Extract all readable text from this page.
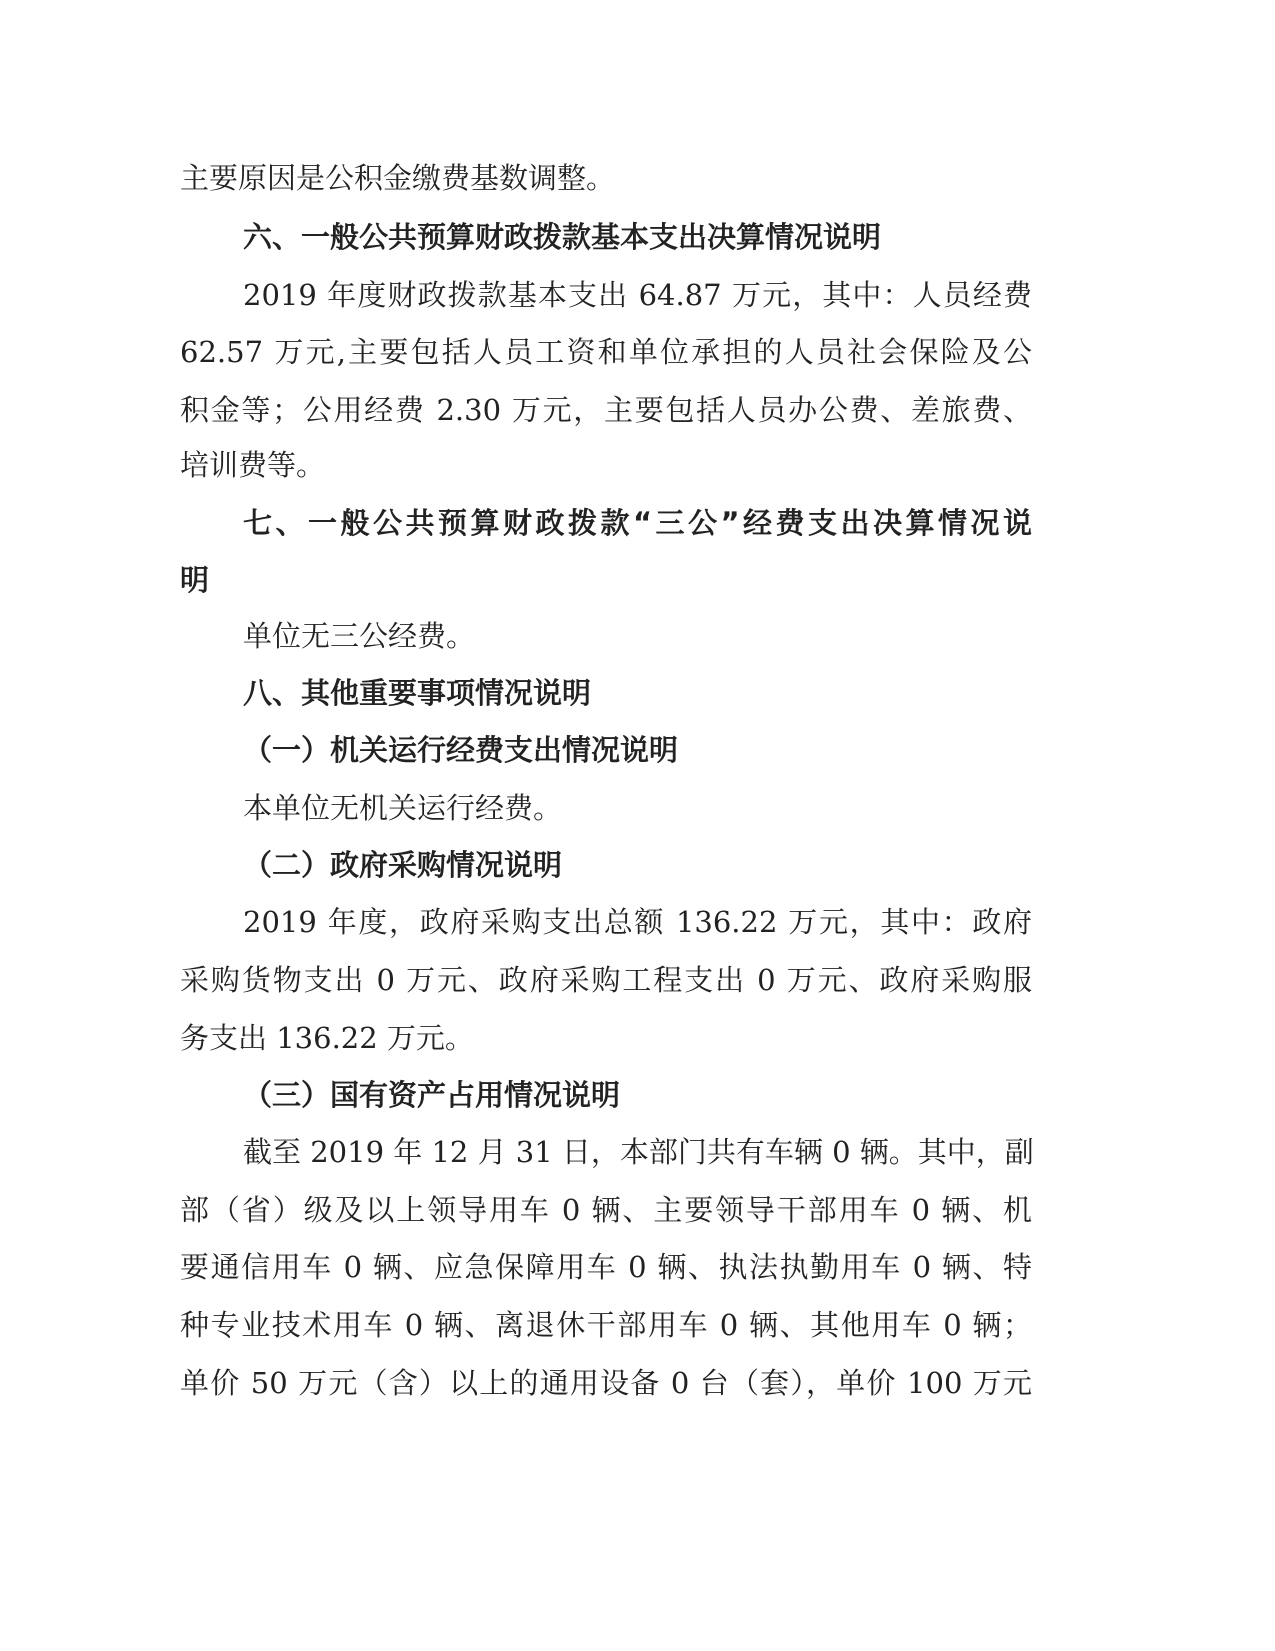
主要原因是公积金缴费基数调整。
六、一般公共预算财政拨款基本支出决算情况说明
2019 年度财政拨款基本支出 64.87 万元，其中：人员经费
62.57 万元,主要包括人员工资和单位承担的人员社会保险及公
积金等；公用经费 2.30 万元，主要包括人员办公费、差旅费、
培训费等。
七、一般公共预算财政拨款“三公”经费支出决算情况说
明
单位无三公经费。
八、其他重要事项情况说明
（一）机关运行经费支出情况说明
本单位无机关运行经费。
（二）政府采购情况说明
2019 年度，政府采购支出总额 136.22 万元，其中：政府
采购货物支出 0 万元、政府采购工程支出 0 万元、政府采购服
务支出 136.22 万元。
（三）国有资产占用情况说明
截至 2019 年 12 月 31 日，本部门共有车辆 0 辆。其中，副
部（省）级及以上领导用车 0 辆、主要领导干部用车 0 辆、机
要通信用车 0 辆、应急保障用车 0 辆、执法执勤用车 0 辆、特
种专业技术用车 0 辆、离退休干部用车 0 辆、其他用车 0 辆；
单价 50 万元（含）以上的通用设备 0 台（套），单价 100 万元
